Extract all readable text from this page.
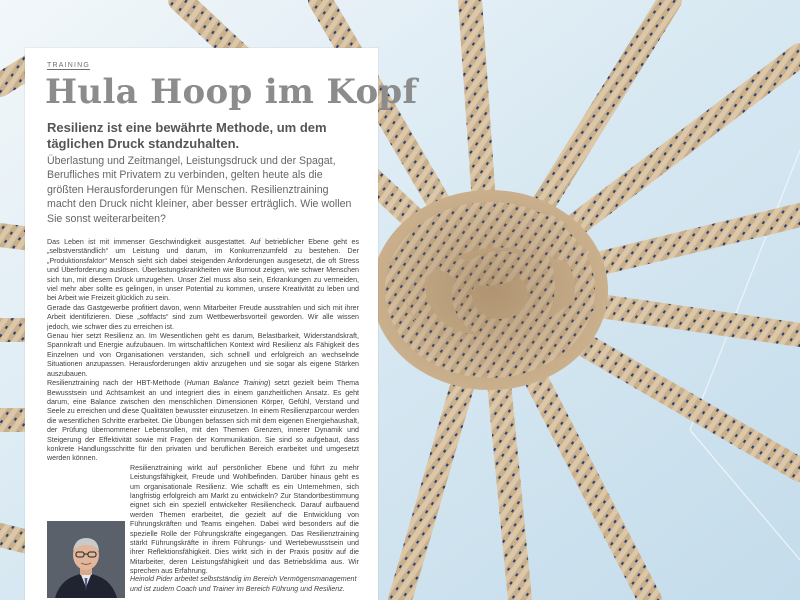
TRAINING
Hula Hoop im Kopf

Resilienz ist eine bewährte Methode, um dem täglichen Druck standzuhalten.

Überlastung und Zeitmangel, Leistungsdruck und der Spagat, Berufliches mit Privatem zu verbinden, gelten heute als die größten Herausforderungen für Menschen. Resilienztraining macht den Druck nicht kleiner, aber besser erträglich. Wie wollen Sie sonst weiterarbeiten?

Das Leben ist mit immenser Geschwindigkeit ausgestattet. Auf betrieblicher Ebene geht es „selbstverständlich“ um Leistung und darum, im Konkurrenzumfeld zu bestehen. Der „Produktionsfaktor“ Mensch sieht sich dabei steigenden Anforderungen ausgesetzt, die oft Stress und Überforderung auslösen. Überlastungskrankheiten wie Burnout zeigen, wie schwer Menschen sich tun, mit diesem Druck umzugehen. Unser Ziel muss also sein, Erkrankungen zu vermeiden, viel mehr aber sollte es gelingen, in unser Potential zu kommen, unsere Kreativität zu leben und bei Arbeit wie Freizeit glücklich zu sein.

Gerade das Gastgewerbe profitiert davon, wenn Mitarbeiter Freude ausstrahlen und sich mit ihrer Arbeit identifizieren. Diese „softfacts“ sind zum Wettbewerbsvorteil geworden. Wir alle wissen jedoch, wie schwer dies zu erreichen ist.

Genau hier setzt Resilienz an. Im Wesentlichen geht es darum, Belastbarkeit, Widerstandskraft, Spannkraft und Energie aufzubauen. Im wirtschaftlichen Kontext wird Resilienz als Fähigkeit des Einzelnen und von Organisationen verstanden, sich schnell und erfolgreich an wechselnde Situationen anzupassen. Herausforderungen aktiv anzugehen und sie sogar als eigene Stärken auszubauen.

Resilienztraining nach der HBT-Methode (Human Balance Training) setzt gezielt beim Thema Bewusstsein und Achtsamkeit an und integriert dies in einem ganzheitlichen Ansatz. Es geht darum, eine Balance zwischen den menschlichen Dimensionen Körper, Gefühl, Verstand und Seele zu erreichen und diese Qualitäten bewusster einzusetzen. In einem Resilienzparcour werden die wesentlichen Schritte erarbeitet. Die Übungen befassen sich mit dem eigenen Energiehaushalt, der Prüfung übernommener Lebensrollen, mit den Themen Grenzen, innerer Dynamik und Steigerung der Effektivität sowie mit Fragen der Kommunikation. Sie sind so aufgebaut, dass konkrete Handlungsschritte für den privaten und beruflichen Bereich erarbeitet und umgesetzt werden können.

Resilienztraining wirkt auf persönlicher Ebene und führt zu mehr Leistungsfähigkeit, Freude und Wohlbefinden. Darüber hinaus geht es um organisationale Resilienz. Wie schafft es ein Unternehmen, sich langfristig erfolgreich am Markt zu entwickeln? Zur Standortbestimmung eignet sich ein speziell entwickelter Resiliencheck. Darauf aufbauend werden Themen erarbeitet, die gezielt auf die Entwicklung von Führungskräften und Teams eingehen. Dabei wird besonders auf die spezielle Rolle der Führungskräfte eingegangen. Das Resilienztraining stärkt Führungskräfte in ihrem Führungs- und Wertebewusstsein und ihrer Reflektionsfähigkeit. Dies wirkt sich in der Praxis positiv auf die Mitarbeiter, deren Leistungsfähigkeit und das Betriebsklima aus. Wir sprechen aus Erfahrung.

Heinold Pider arbeitet selbstständig im Bereich Vermögensmanagement und ist zudem Coach und Trainer im Bereich Führung und Resilienz.
